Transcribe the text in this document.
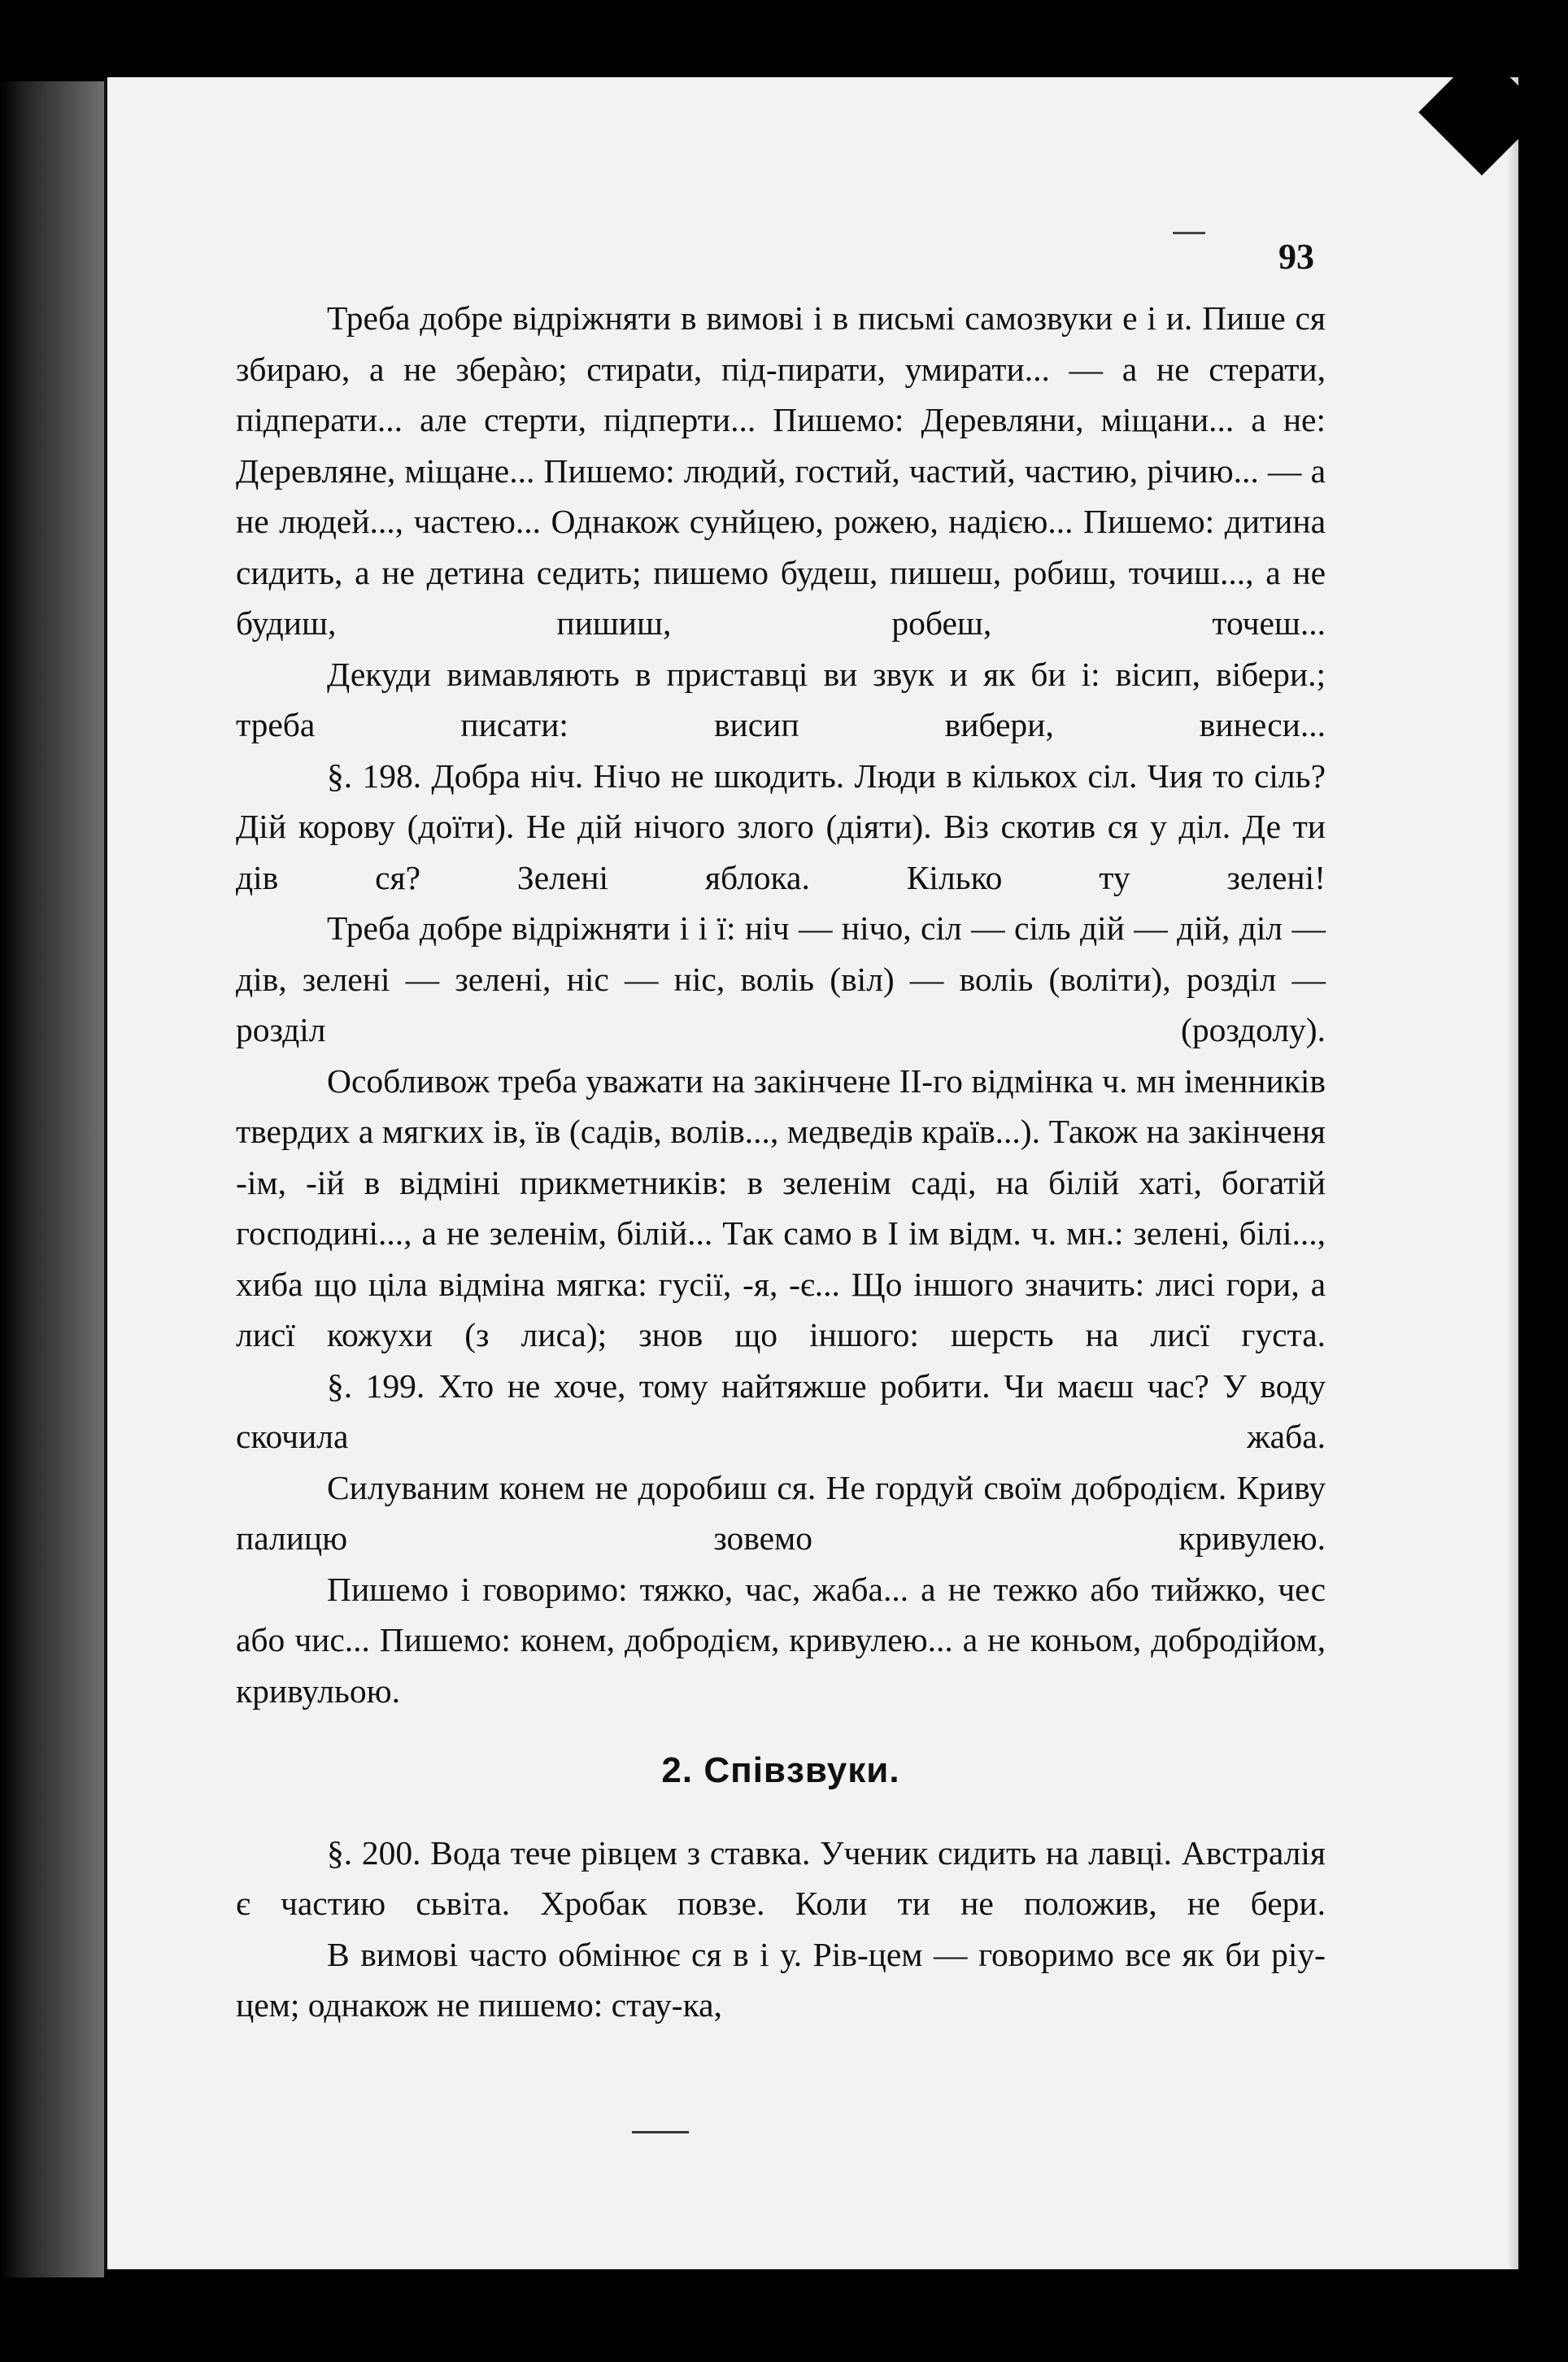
93

Треба добре відріжняти в вимові і в письмі самозвуки е і и. Пише ся збираю, а не зберàю; стираtи, під-пирати, умирати... — а не стерати, підперати... але стерти, підперти... Пишемо: Деревляни, міщани... а не: Деревляне, міщане... Пишемо: людий, гостий, частий, частию, річию... — а не людей..., частею... Однакож сунйцею, рожею, надією... Пишемо: дитина сидить, а не детина седить; пишемо будеш, пишеш, робиш, точиш..., а не будиш, пишиш, робеш, точеш...

Декуди вимавляють в приставці ви звук и як би і: вісип, вібери.; треба писати: висип вибери, винеси...

§. 198. Добра ніч. Нічо не шкодить. Люди в кількох сіл. Чия то сіль? Дій корову (доїти). Не дій нічого злого (діяти). Віз скотив ся у діл. Де ти дів ся? Зелені яблока. Кілько ту зелені!

Треба добре відріжняти і і ї: ніч — нічо, сіл — сіль дій — дій, діл — дів, зелені — зелені, ніс — ніс, воліь (віл) — воліь (воліти), розділ — розділ (роздолу).

Особливож треба уважати на закінчене II-го відмінка ч. мн іменників твердих а мягких ів, їв (садів, волів..., медведів країв...). Також на закінченя -ім, -ій в відміні прикметників: в зеленім саді, на білій хаті, богатій господині..., а не зеленім, білій... Так само в I ім відм. ч. мн.: зелені, білі..., хиба що ціла відміна мягка: гусії, -я, -є... Що іншого значить: лисі гори, а лисї кожухи (з лиса); знов що іншого: шерсть на лисї густа.

§. 199. Хто не хоче, тому найтяжше робити. Чи маєш час? У воду скочила жаба.

Силуваним конем не доробиш ся. Не гордуй своїм добродієм. Криву палицю зовемо кривулею.

Пишемо і говоримо: тяжко, час, жаба... а не тежко або тийжко, чес або чис... Пишемо: конем, добродієм, кривулею... а не коньом, добродійом, кривульою.

2. Співзвуки.

§. 200. Вода тече рівцем з ставка. Ученик сидить на лавці. Австралія є частию сьвіта. Хробак повзе. Коли ти не положив, не бери.

В вимові часто обмінює ся в і у. Рів-цем — говоримо все як би ріу-цем; однакож не пишемо: стау-ка,
